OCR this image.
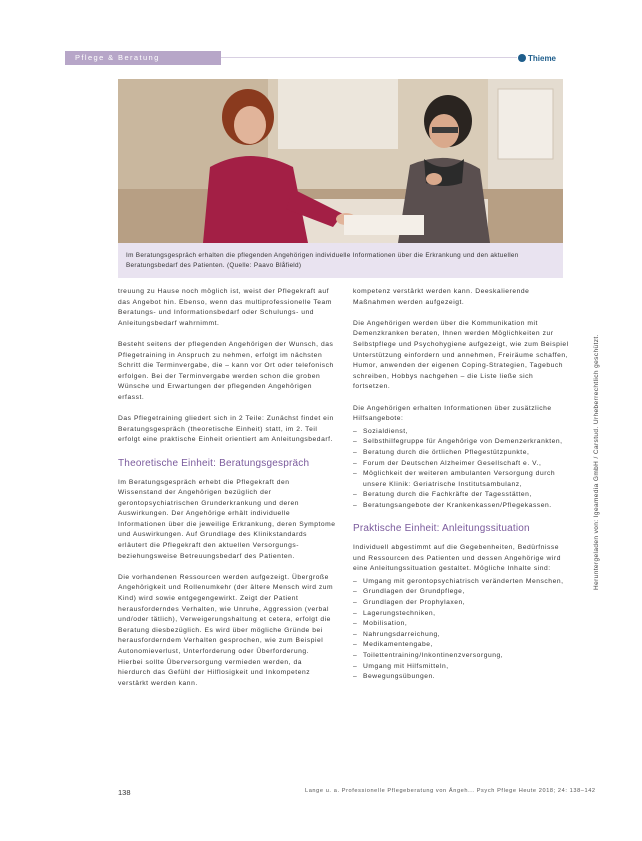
Pflege & Beratung	Thieme
Im Beratungsgespräch erhalten die pflegenden Angehörigen individuelle Informationen über die Erkrankung und den aktuellen Beratungsbedarf des Patienten. (Quelle: Paavo Blåfield)

treuung zu Hause noch möglich ist, weist der Pflegekraft auf das Angebot hin. Ebenso, wenn das multiprofessionelle Team Beratungs- und Informationsbedarf oder Schulungs- und Anleitungsbedarf wahrnimmt.

Besteht seitens der pflegenden Angehörigen der Wunsch, das Pflegetraining in Anspruch zu nehmen, erfolgt im nächsten Schritt die Terminvergabe, die – kann vor Ort oder telefonisch erfolgen. Bei der Terminvergabe werden schon die groben Wünsche und Erwartungen der pflegenden Angehörigen erfasst.

Das Pflegetraining gliedert sich in 2 Teile: Zunächst findet ein Beratungsgespräch (theoretische Einheit) statt, im 2. Teil erfolgt eine praktische Einheit orientiert am Anleitungsbedarf.

Theoretische Einheit: Beratungsgespräch

Im Beratungsgespräch erhebt die Pflegekraft den Wissenstand der Angehörigen bezüglich der gerontopsychiatrischen Grunderkrankung und deren Auswirkungen. Der Angehörige erhält individuelle Informationen über die jeweilige Erkrankung, deren Symptome und Auswirkungen. Auf Grundlage des Klinikstandards erläutert die Pflegekraft den aktuellen Versorgungs- beziehungsweise Betreuungsbedarf des Patienten.

Die vorhandenen Ressourcen werden aufgezeigt. Übergroße Angehörigkeit und Rollenumkehr (der ältere Mensch wird zum Kind) wird sowie entgegengewirkt. Zeigt der Patient herausforderndes Verhalten, wie Unruhe, Aggression (verbal und/oder tätlich), Verweigerungshaltung et cetera, erfolgt die Beratung diesbezüglich. Es wird über mögliche Gründe bei herausforderndem Verhalten gesprochen, wie zum Beispiel Autonomieverlust, Unterforderung oder Überforderung. Hierbei sollte Überversorgung vermieden werden, da hierdurch das Gefühl der Hilflosigkeit und Inkompetenz verstärkt werden kann.

kompetenz verstärkt werden kann. Deeskalierende Maßnahmen werden aufgezeigt.

Die Angehörigen werden über die Kommunikation mit Demenzkranken beraten, Ihnen werden Möglichkeiten zur Selbstpflege und Psychohygiene aufgezeigt, wie zum Beispiel Unterstützung einfordern und annehmen, Freiräume schaffen, Humor, anwenden der eigenen Coping-Strategien, Tagebuch schreiben, Hobbys nachgehen – die Liste ließe sich fortsetzen.

Die Angehörigen erhalten Informationen über zusätzliche Hilfsangebote:

– Sozialdienst,
– Selbsthilfegruppe für Angehörige von Demenzerkrankten,
– Beratung durch die örtlichen Pflegestützpunkte,
– Forum der Deutschen Alzheimer Gesellschaft e. V.,
– Möglichkeit der weiteren ambulanten Versorgung durch unsere Klinik: Geriatrische Institutsambulanz,
– Beratung durch die Fachkräfte der Tagesstätten,
– Beratungsangebote der Krankenkassen/Pflegekassen.
Praktische Einheit: Anleitungssituation

Individuell abgestimmt auf die Gegebenheiten, Bedürfnisse und Ressourcen des Patienten und dessen Angehörige wird eine Anleitungssituation gestaltet. Mögliche Inhalte sind:

– Umgang mit gerontopsychiatrisch veränderten Menschen,
– Grundlagen der Grundpflege,
– Grundlagen der Prophylaxen,
– Lagerungstechniken,
– Mobilisation,
– Nahrungsdarreichung,
– Medikamentengabe,
– Toilettentraining/Inkontinenzversorgung,
– Umgang mit Hilfsmitteln,
– Bewegungsübungen.
Heruntergeladen von: Igeamedia GmbH / Carstud. Urheberrechtlich geschützt.
138	Lange u. a. Professionelle Pflegeberatung von Ängeh... Psych Pflege Heute 2018; 24: 138–142
